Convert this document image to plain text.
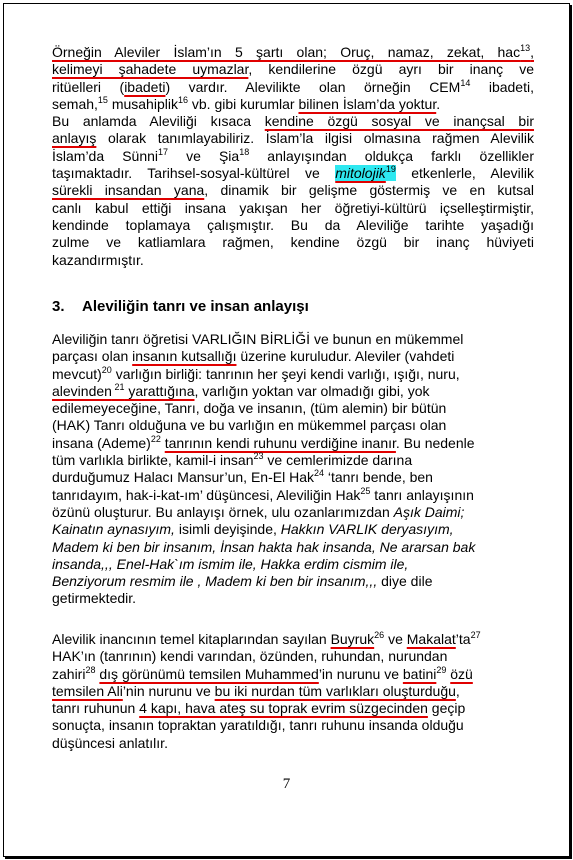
Örneğin Aleviler İslam’ın 5 şartı olan; Oruç, namaz, zekat, hac$^{13}$,
kelimeyi şahadete uymazlar, kendilerine özgü ayrı bir inanç ve
ritüelleri (ibadeti) vardır. Alevilikte olan örneğin CEM$^{14}$ ibadeti,
semah,$^{15}$ musahiplik$^{16}$ vb. gibi kurumlar bilinen İslam’da yoktur.
Bu anlamda Aleviliği kısaca kendine özgü sosyal ve inançsal bir
anlayış olarak tanımlayabiliriz. İslam’la ilgisi olmasına rağmen Alevilik
İslam’da Sünni$^{17}$ ve Şia$^{18}$ anlayışından oldukça farklı özellikler
taşımaktadır. Tarihsel-sosyal-kültürel ve mitolojik$^{19}$ etkenlerle, Alevilik
sürekli insandan yana, dinamik bir gelişme göstermiş ve en kutsal
canlı kabul ettiği insana yakışan her öğretiyi-kültürü içselleştirmiştir,
kendinde toplamaya çalışmıştır. Bu da Aleviliğe tarihte yaşadığı
zulme ve katliamlara rağmen, kendine özgü bir inanç hüviyeti
kazandırmıştır.
3. Aleviliğin tanrı ve insan anlayışı
Aleviliğin tanrı öğretisi VARLIĞIN BİRLİĞİ ve bunun en mükemmel
parçası olan insanın kutsallığı üzerine kuruludur. Aleviler (vahdeti
mevcut)$^{20}$ varlığın birliği: tanrının her şeyi kendi varlığı, ışığı, nuru,
alevinden $^{21}$ yarattığına, varlığın yoktan var olmadığı gibi, yok
edilemeyeceğine, Tanrı, doğa ve insanın, (tüm alemin) bir bütün
(HAK) Tanrı olduğuna ve bu varlığın en mükemmel parçası olan
insana (Ademe)$^{22}$ tanrının kendi ruhunu verdiğine inanır. Bu nedenle
tüm varlıkla birlikte, kamil-i insan$^{23}$ ve cemlerimizde darına
durduğumuz Halacı Mansur’un, En-El Hak$^{24}$ ‘tanrı bende, ben
tanrıdayım, hak-i-kat-ım’ düşüncesi, Aleviliğin Hak$^{25}$ tanrı anlayışının
özünü oluşturur. Bu anlayışı örnek, ulu ozanlarımızdan Aşık Daimi;
Kainatın aynasıyım, isimli deyişinde, Hakkın VARLIK deryasıyım,
Madem ki ben bir insanım, İnsan hakta hak insanda, Ne ararsan bak
insanda,,, Enel-Hak`ım ismim ile, Hakka erdim cismim ile,
Benziyorum resmim ile , Madem ki ben bir insanım,,, diye dile
getirmektedir.
Alevilik inancının temel kitaplarından sayılan Buyruk$^{26}$ ve $Makalat’ta^{27}$
HAK’ın (tanrının) kendi varından, özünden, ruhundan, nurundan
zahiri$^{28}$ dış görünümü temsilen Muhammed’in nurunu ve batini$^{29}$ özü
temsilen Ali’nin nurunu ve bu iki nurdan tüm varlıkları oluşturduğu,
tanrı ruhunun 4 kapı, hava ateş su toprak evrim süzgecinden geçip
sonuçta, insanın topraktan yaratıldığı, tanrı ruhunu insanda olduğu
düşüncesi anlatılır.
7
